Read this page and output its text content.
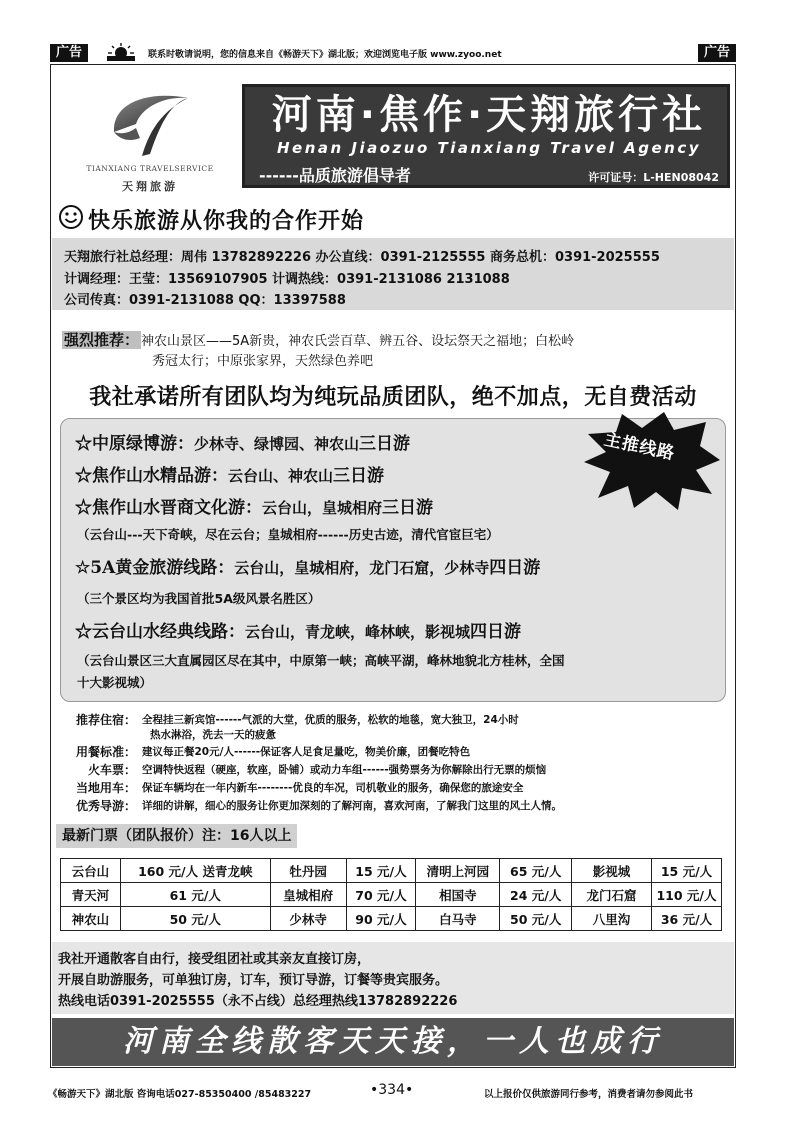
广告	联系时敬请说明，您的信息来自《畅游天下》湖北版；欢迎浏览电子版 www.zyoo.net	广告
TIANXIANG TRAVELSERVICE
天翔旅游
河南·焦作·天翔旅行社
Henan Jiaozuo Tianxiang Travel Agency
------品质旅游倡导者	许可证号：L-HEN08042
快乐旅游从你我的合作开始
天翔旅行社总经理：周伟 13782892226 办公直线：0391-2125555 商务总机：0391-2025555
计调经理：王莹：13569107905 计调热线：0391-2131086 2131088
公司传真：0391-2131088 QQ：13397588
强烈推荐： 神农山景区——5A新贵，神农氏尝百草、辨五谷、设坛祭天之福地；白松岭
秀冠太行；中原张家界，天然绿色养吧
我社承诺所有团队均为纯玩品质团队，绝不加点，无自费活动
☆中原绿博游：少林寺、绿博园、神农山三日游
☆焦作山水精品游：云台山、神农山三日游
☆焦作山水晋商文化游：云台山，皇城相府三日游
（云台山---天下奇峡，尽在云台；皇城相府------历史古迹，清代官宦巨宅）
☆5A黄金旅游线路：云台山，皇城相府，龙门石窟，少林寺四日游
（三个景区均为我国首批5A级风景名胜区）
☆云台山水经典线路：云台山，青龙峡，峰林峡，影视城四日游
（云台山景区三大直属园区尽在其中，中原第一峡；高峡平湖，峰林地貌北方桂林，全国
十大影视城）
主推线路
推荐住宿： 全程挂三新宾馆------气派的大堂，优质的服务，松软的地毯，宽大独卫，24小时
热水淋浴，洗去一天的疲惫
用餐标准： 建议每正餐20元/人------保证客人足食足量吃，物美价廉，团餐吃特色
火车票： 空调特快返程（硬座，软座，卧铺）或动力车组------强势票务为你解除出行无票的烦恼
当地用车： 保证车辆均在一年内新车--------优良的车况，司机敬业的服务，确保您的旅途安全
优秀导游： 详细的讲解，细心的服务让你更加深刻的了解河南，喜欢河南，了解我门这里的风土人情。
最新门票（团队报价）注：16人以上
云台山	160 元/人 送青龙峡	牡丹园	15 元/人	清明上河园	65 元/人	影视城	15 元/人
青天河	61 元/人	皇城相府	70 元/人	相国寺	24 元/人	龙门石窟	110 元/人
神农山	50 元/人	少林寺	90 元/人	白马寺	50 元/人	八里沟	36 元/人
我社开通散客自由行，接受组团社或其亲友直接订房，
开展自助游服务，可单独订房，订车，预订导游，订餐等贵宾服务。
热线电话0391-2025555（永不占线）总经理热线13782892226
河南全线散客天天接，一人也成行
《畅游天下》湖北版 咨询电话027-85350400 /85483227	•334•	以上报价仅供旅游同行参考，消费者请勿参阅此书
